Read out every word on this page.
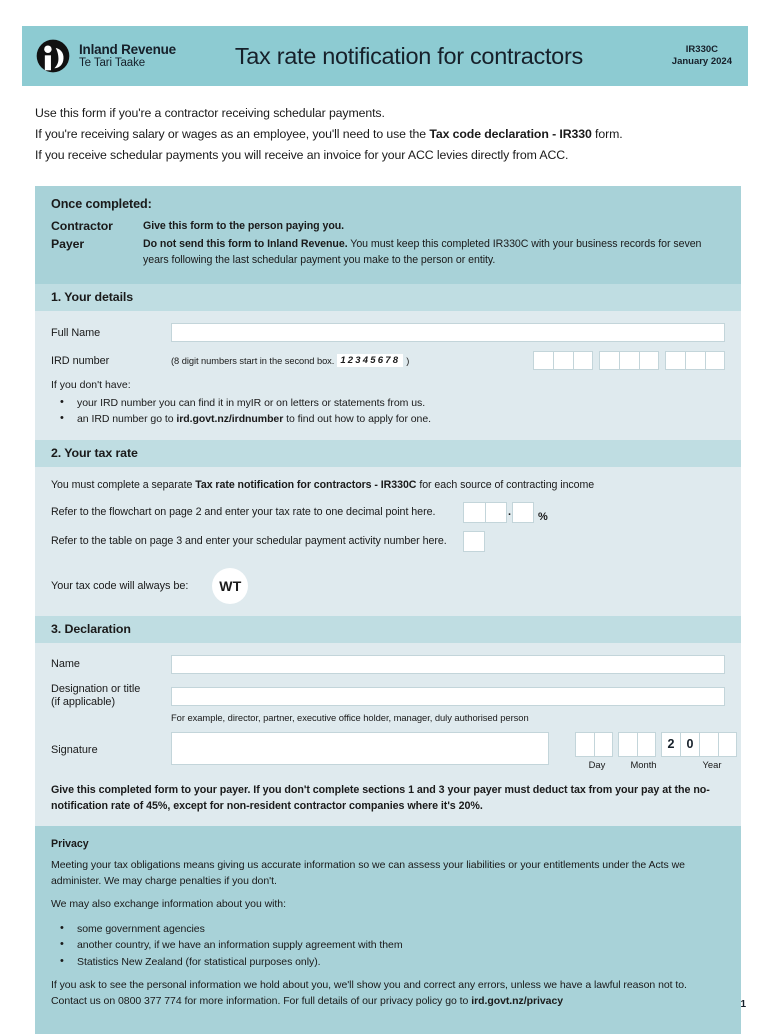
Inland Revenue
Te Tari Taake	Tax rate notification for contractors	IR330C
January 2024

Use this form if you're a contractor receiving schedular payments.

If you're receiving salary or wages as an employee, you'll need to use the Tax code declaration - IR330 form.

If you receive schedular payments you will receive an invoice for your ACC levies directly from ACC.

Once completed:
Contractor	Give this form to the person paying you.
Payer	Do not send this form to Inland Revenue. You must keep this completed IR330C with your business records for seven years following the last schedular payment you make to the person or entity.
1. Your details
Full Name
IRD number	(8 digit numbers start in the second box. 12345678 )
If you don't have:
• your IRD number you can find it in myIR or on letters or statements from us.
• an IRD number go to ird.govt.nz/irdnumber to find out how to apply for one.
2. Your tax rate
You must complete a separate Tax rate notification for contractors - IR330C for each source of contracting income
Refer to the flowchart on page 2 and enter your tax rate to one decimal point here.	. %
Refer to the table on page 3 and enter your schedular payment activity number here.
Your tax code will always be:	WT
3. Declaration
Name
Designation or title
(if applicable)
For example, director, partner, executive office holder, manager, duly authorised person
Signature	2 0
Day	Month	Year
Give this completed form to your payer. If you don't complete sections 1 and 3 your payer must deduct tax from your pay at the no-notification rate of 45%, except for non-resident contractor companies where it's 20%.
Privacy

Meeting your tax obligations means giving us accurate information so we can assess your liabilities or your entitlements under the Acts we administer. We may charge penalties if you don't.

We may also exchange information about you with:

• some government agencies
• another country, if we have an information supply agreement with them
• Statistics New Zealand (for statistical purposes only).

If you ask to see the personal information we hold about you, we'll show you and correct any errors, unless we have a lawful reason not to. Contact us on 0800 377 774 for more information. For full details of our privacy policy go to ird.govt.nz/privacy	1
